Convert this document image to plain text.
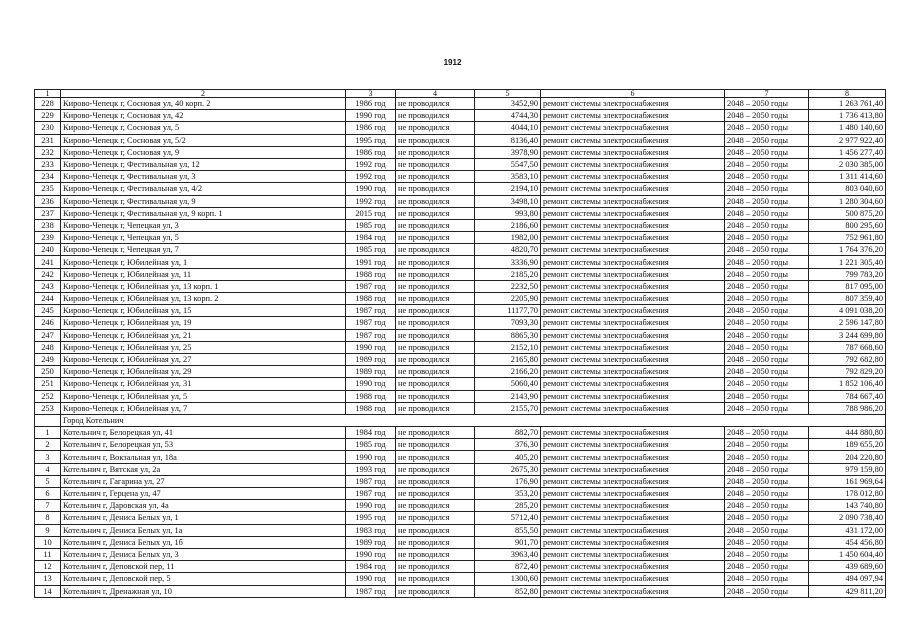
1912
1	2	3	4	5	6	7	8
228	Кирово-Чепецк г, Сосновая ул, 40 корп. 2	1986 год	не проводился	3452,90	ремонт системы электроснабжения	2048 – 2050 годы	1 263 761,40
229	Кирово-Чепецк г, Сосновая ул, 42	1990 год	не проводился	4744,30	ремонт системы электроснабжения	2048 – 2050 годы	1 736 413,80
230	Кирово-Чепецк г, Сосновая ул, 5	1986 год	не проводился	4044,10	ремонт системы электроснабжения	2048 – 2050 годы	1 480 140,60
231	Кирово-Чепецк г, Сосновая ул, 5/2	1995 год	не проводился	8136,40	ремонт системы электроснабжения	2048 – 2050 годы	2 977 922,40
232	Кирово-Чепецк г, Сосновая ул, 9	1986 год	не проводился	3978,90	ремонт системы электроснабжения	2048 – 2050 годы	1 456 277,40
233	Кирово-Чепецк г, Фестивальная ул, 12	1992 год	не проводился	5547,50	ремонт системы электроснабжения	2048 – 2050 годы	2 030 385,00
234	Кирово-Чепецк г, Фестивальная ул, 3	1992 год	не проводился	3583,10	ремонт системы электроснабжения	2048 – 2050 годы	1 311 414,60
235	Кирово-Чепецк г, Фестивальная ул, 4/2	1990 год	не проводился	2194,10	ремонт системы электроснабжения	2048 – 2050 годы	803 040,60
236	Кирово-Чепецк г, Фестивальная ул, 9	1992 год	не проводился	3498,10	ремонт системы электроснабжения	2048 – 2050 годы	1 280 304,60
237	Кирово-Чепецк г, Фестивальная ул, 9 корп. 1	2015 год	не проводился	993,80	ремонт системы электроснабжения	2048 – 2050 годы	500 875,20
238	Кирово-Чепецк г, Чепецкая ул, 3	1985 год	не проводился	2186,60	ремонт системы электроснабжения	2048 – 2050 годы	800 295,60
239	Кирово-Чепецк г, Чепецкая ул, 5	1984 год	не проводился	1982,00	ремонт системы электроснабжения	2048 – 2050 годы	752 961,80
240	Кирово-Чепецк г, Чепецкая ул, 7	1985 год	не проводился	4820,70	ремонт системы электроснабжения	2048 – 2050 годы	1 764 376,20
241	Кирово-Чепецк г, Юбилейная ул, 1	1991 год	не проводился	3336,90	ремонт системы электроснабжения	2048 – 2050 годы	1 221 305,40
242	Кирово-Чепецк г, Юбилейная ул, 11	1988 год	не проводился	2185,20	ремонт системы электроснабжения	2048 – 2050 годы	799 783,20
243	Кирово-Чепецк г, Юбилейная ул, 13 корп. 1	1987 год	не проводился	2232,50	ремонт системы электроснабжения	2048 – 2050 годы	817 095,00
244	Кирово-Чепецк г, Юбилейная ул, 13 корп. 2	1988 год	не проводился	2205,90	ремонт системы электроснабжения	2048 – 2050 годы	807 359,40
245	Кирово-Чепецк г, Юбилейная ул, 15	1987 год	не проводился	11177,70	ремонт системы электроснабжения	2048 – 2050 годы	4 091 038,20
246	Кирово-Чепецк г, Юбилейная ул, 19	1987 год	не проводился	7093,30	ремонт системы электроснабжения	2048 – 2050 годы	2 596 147,80
247	Кирово-Чепецк г, Юбилейная ул, 21	1987 год	не проводился	8865,30	ремонт системы электроснабжения	2048 – 2050 годы	3 244 699,80
248	Кирово-Чепецк г, Юбилейная ул, 25	1990 год	не проводился	2152,10	ремонт системы электроснабжения	2048 – 2050 годы	787 668,60
249	Кирово-Чепецк г, Юбилейная ул, 27	1989 год	не проводился	2165,80	ремонт системы электроснабжения	2048 – 2050 годы	792 682,80
250	Кирово-Чепецк г, Юбилейная ул, 29	1989 год	не проводился	2166,20	ремонт системы электроснабжения	2048 – 2050 годы	792 829,20
251	Кирово-Чепецк г, Юбилейная ул, 31	1990 год	не проводился	5060,40	ремонт системы электроснабжения	2048 – 2050 годы	1 852 106,40
252	Кирово-Чепецк г, Юбилейная ул, 5	1988 год	не проводился	2143,90	ремонт системы электроснабжения	2048 – 2050 годы	784 667,40
253	Кирово-Чепецк г, Юбилейная ул, 7	1988 год	не проводился	2155,70	ремонт системы электроснабжения	2048 – 2050 годы	788 986,20
	Город Котельнич						
1	Котельнич г, Белорецкая ул, 41	1984 год	не проводился	882,70	ремонт системы электроснабжения	2048 – 2050 годы	444 880,80
2	Котельнич г, Белорецкая ул, 53	1985 год	не проводился	376,30	ремонт системы электроснабжения	2048 – 2050 годы	189 655,20
3	Котельнич г, Вокзальная ул, 18а	1990 год	не проводился	405,20	ремонт системы электроснабжения	2048 – 2050 годы	204 220,80
4	Котельнич г, Вятская ул, 2а	1993 год	не проводился	2675,30	ремонт системы электроснабжения	2048 – 2050 годы	979 159,80
5	Котельнич г, Гагарина ул, 27	1987 год	не проводился	176,90	ремонт системы электроснабжения	2048 – 2050 годы	161 969,64
6	Котельнич г, Герцена ул, 47	1987 год	не проводился	353,20	ремонт системы электроснабжения	2048 – 2050 годы	178 012,80
7	Котельнич г, Даровская ул, 4а	1990 год	не проводился	285,20	ремонт системы электроснабжения	2048 – 2050 годы	143 740,80
8	Котельнич г, Дениса Белых ул, 1	1995 год	не проводился	5712,40	ремонт системы электроснабжения	2048 – 2050 годы	2 090 738,40
9	Котельнич г, Дениса Белых ул, 1а	1983 год	не проводился	855,50	ремонт системы электроснабжения	2048 – 2050 годы	431 172,00
10	Котельнич г, Дениса Белых ул, 1б	1989 год	не проводился	901,70	ремонт системы электроснабжения	2048 – 2050 годы	454 456,80
11	Котельнич г, Дениса Белых ул, 3	1990 год	не проводился	3963,40	ремонт системы электроснабжения	2048 – 2050 годы	1 450 604,40
12	Котельнич г, Деповской пер, 11	1984 год	не проводился	872,40	ремонт системы электроснабжения	2048 – 2050 годы	439 689,60
13	Котельнич г, Деповской пер, 5	1990 год	не проводился	1300,60	ремонт системы электроснабжения	2048 – 2050 годы	494 097,94
14	Котельнич г, Дренажная ул, 10	1987 год	не проводился	852,80	ремонт системы электроснабжения	2048 – 2050 годы	429 811,20
